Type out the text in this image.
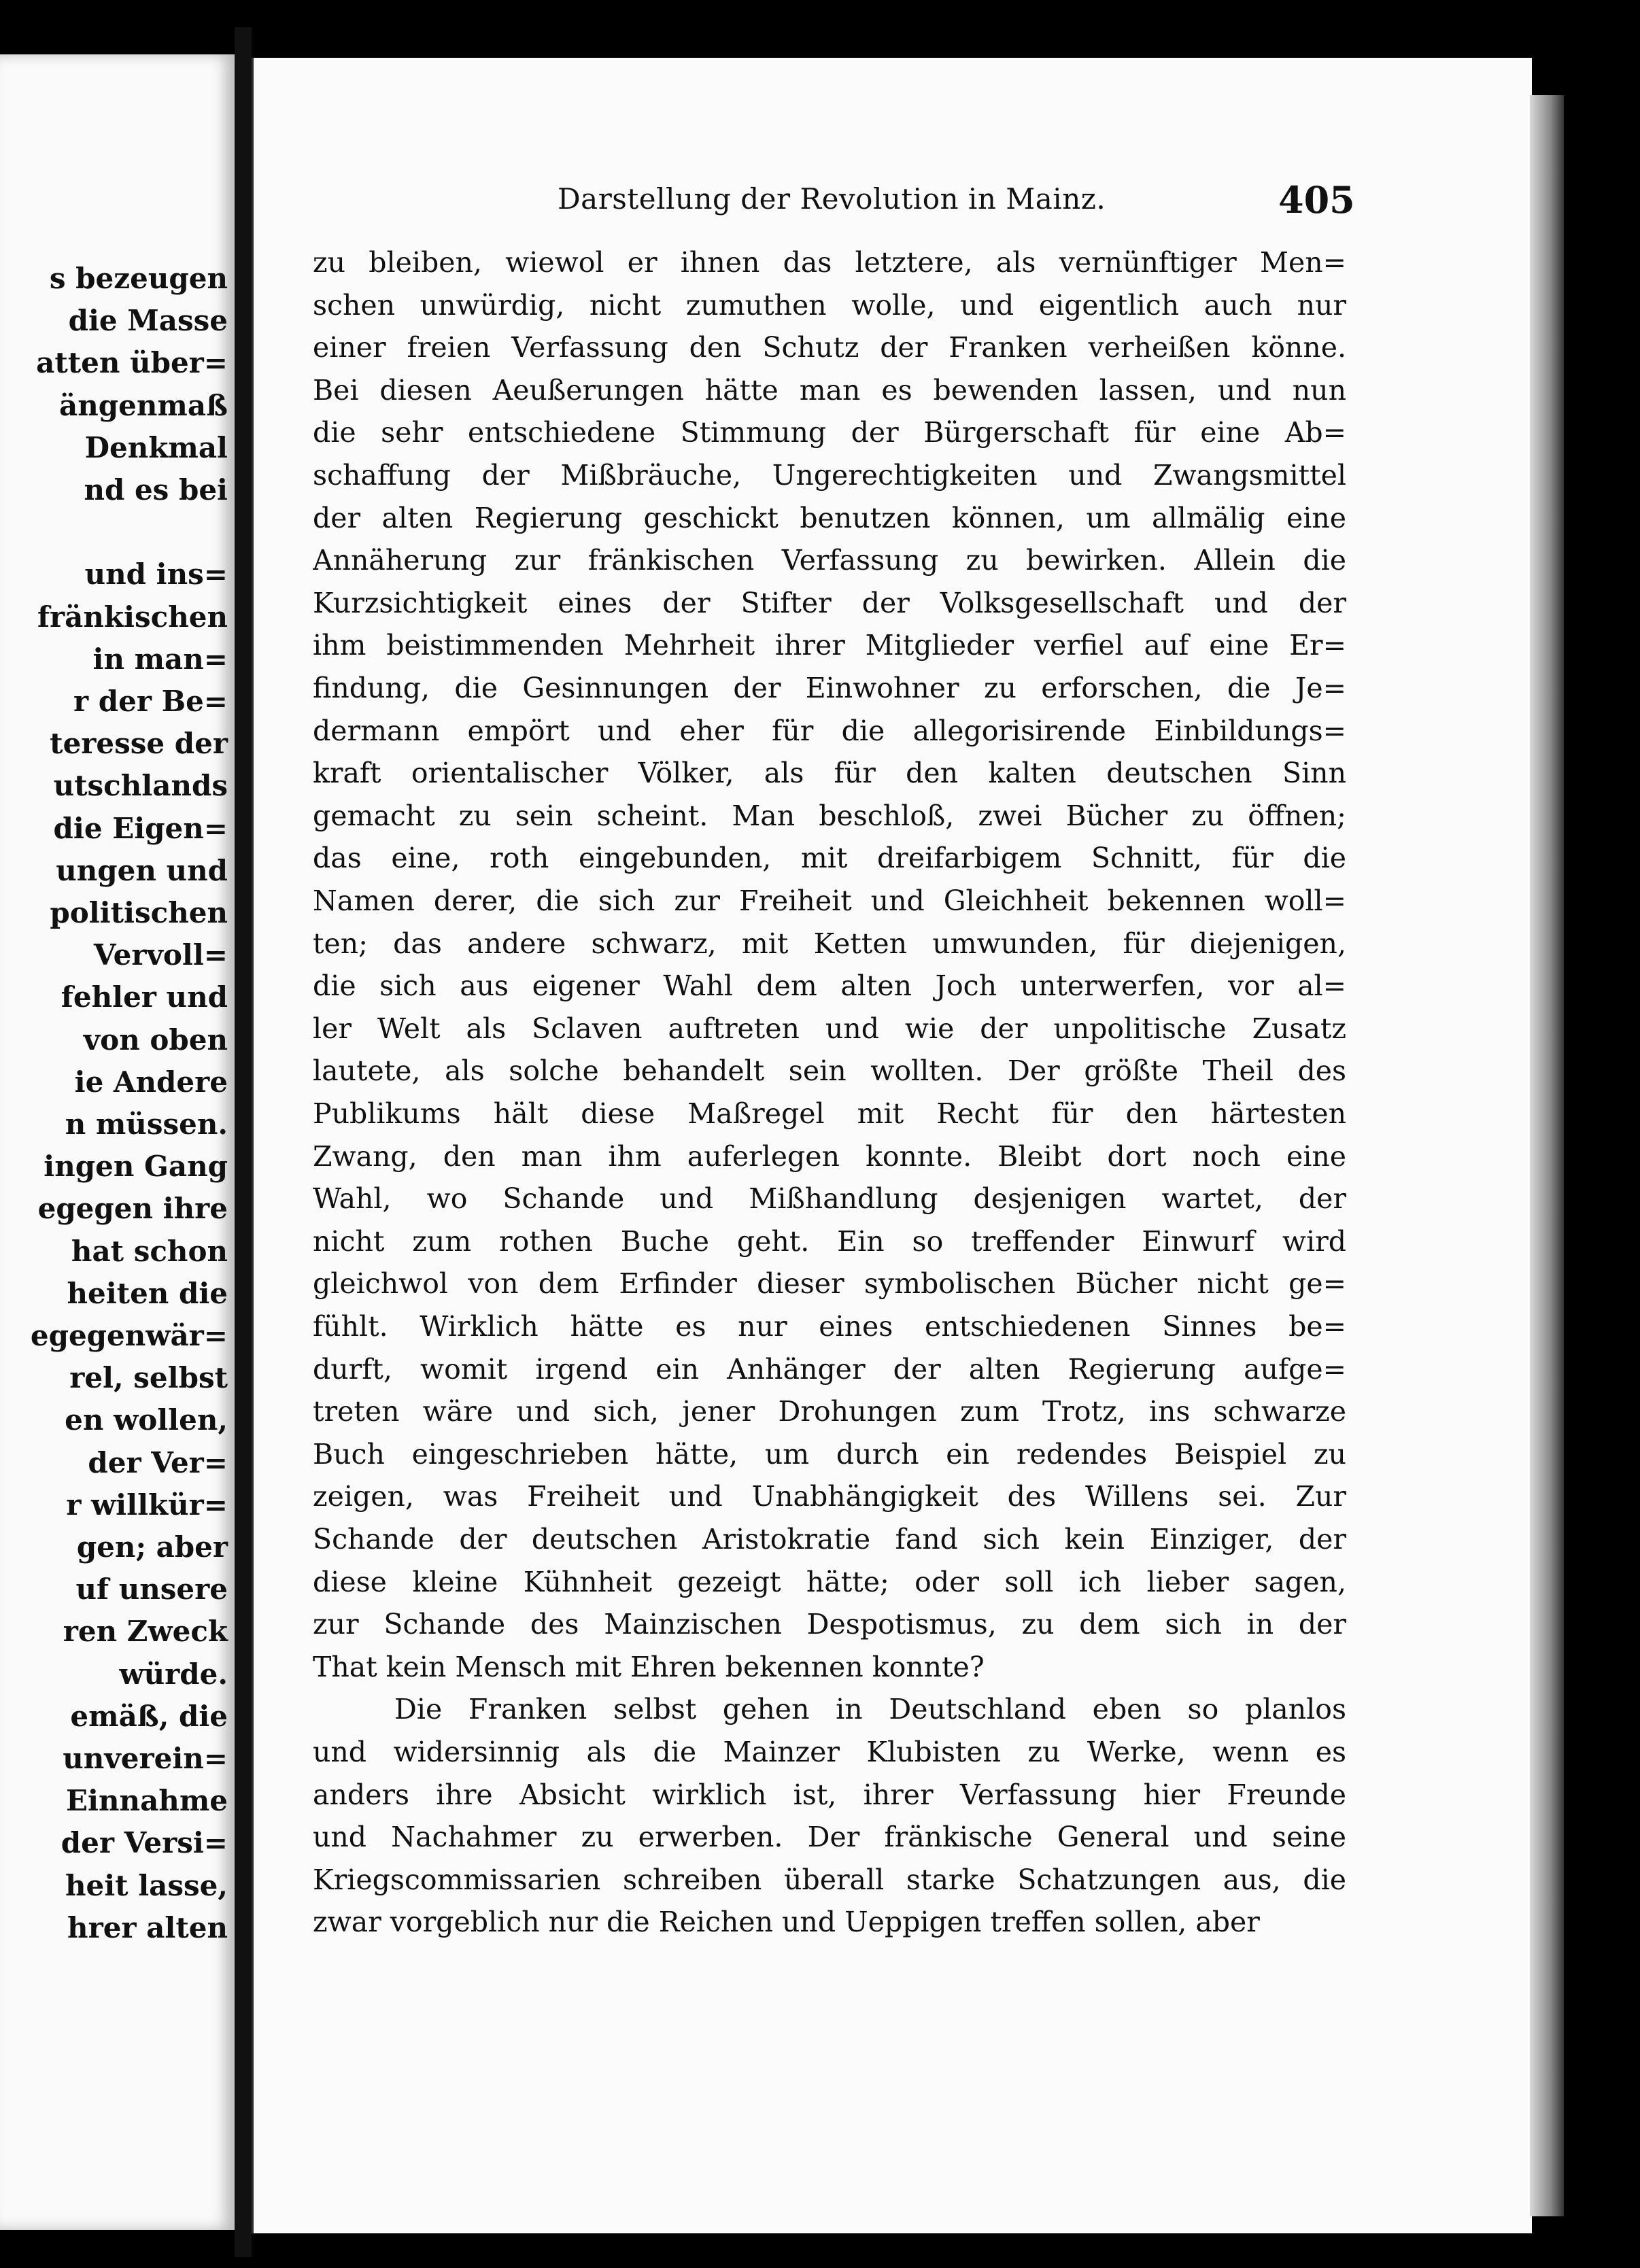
s bezeugen
die Masse
atten über=
ängenmaß
Denkmal
nd es bei
und ins=
fränkischen
in man=
r der Be=
teresse der
utschlands
die Eigen=
ungen und
politischen
Vervoll=
fehler und
von oben
ie Andere
n müssen.
ingen Gang
egegen ihre
hat schon
heiten die
egegenwär=
rel, selbst
en wollen,
der Ver=
r willkür=
gen; aber
uf unsere
ren Zweck
würde.
emäß, die
unverein=
Einnahme
der Versi=
heit lasse,
hrer alten
Darstellung der Revolution in Mainz.	405
zu bleiben, wiewol er ihnen das letztere, als vernünftiger Men=
schen unwürdig, nicht zumuthen wolle, und eigentlich auch nur
einer freien Verfassung den Schutz der Franken verheißen könne.
Bei diesen Aeußerungen hätte man es bewenden lassen, und nun
die sehr entschiedene Stimmung der Bürgerschaft für eine Ab=
schaffung der Mißbräuche, Ungerechtigkeiten und Zwangsmittel
der alten Regierung geschickt benutzen können, um allmälig eine
Annäherung zur fränkischen Verfassung zu bewirken. Allein die
Kurzsichtigkeit eines der Stifter der Volksgesellschaft und der
ihm beistimmenden Mehrheit ihrer Mitglieder verfiel auf eine Er=
findung, die Gesinnungen der Einwohner zu erforschen, die Je=
dermann empört und eher für die allegorisirende Einbildungs=
kraft orientalischer Völker, als für den kalten deutschen Sinn
gemacht zu sein scheint. Man beschloß, zwei Bücher zu öffnen;
das eine, roth eingebunden, mit dreifarbigem Schnitt, für die
Namen derer, die sich zur Freiheit und Gleichheit bekennen woll=
ten; das andere schwarz, mit Ketten umwunden, für diejenigen,
die sich aus eigener Wahl dem alten Joch unterwerfen, vor al=
ler Welt als Sclaven auftreten und wie der unpolitische Zusatz
lautete, als solche behandelt sein wollten. Der größte Theil des
Publikums hält diese Maßregel mit Recht für den härtesten
Zwang, den man ihm auferlegen konnte. Bleibt dort noch eine
Wahl, wo Schande und Mißhandlung desjenigen wartet, der
nicht zum rothen Buche geht. Ein so treffender Einwurf wird
gleichwol von dem Erfinder dieser symbolischen Bücher nicht ge=
fühlt. Wirklich hätte es nur eines entschiedenen Sinnes be=
durft, womit irgend ein Anhänger der alten Regierung aufge=
treten wäre und sich, jener Drohungen zum Trotz, ins schwarze
Buch eingeschrieben hätte, um durch ein redendes Beispiel zu
zeigen, was Freiheit und Unabhängigkeit des Willens sei. Zur
Schande der deutschen Aristokratie fand sich kein Einziger, der
diese kleine Kühnheit gezeigt hätte; oder soll ich lieber sagen,
zur Schande des Mainzischen Despotismus, zu dem sich in der
That kein Mensch mit Ehren bekennen konnte?
Die Franken selbst gehen in Deutschland eben so planlos
und widersinnig als die Mainzer Klubisten zu Werke, wenn es
anders ihre Absicht wirklich ist, ihrer Verfassung hier Freunde
und Nachahmer zu erwerben. Der fränkische General und seine
Kriegscommissarien schreiben überall starke Schatzungen aus, die
zwar vorgeblich nur die Reichen und Ueppigen treffen sollen, aber
